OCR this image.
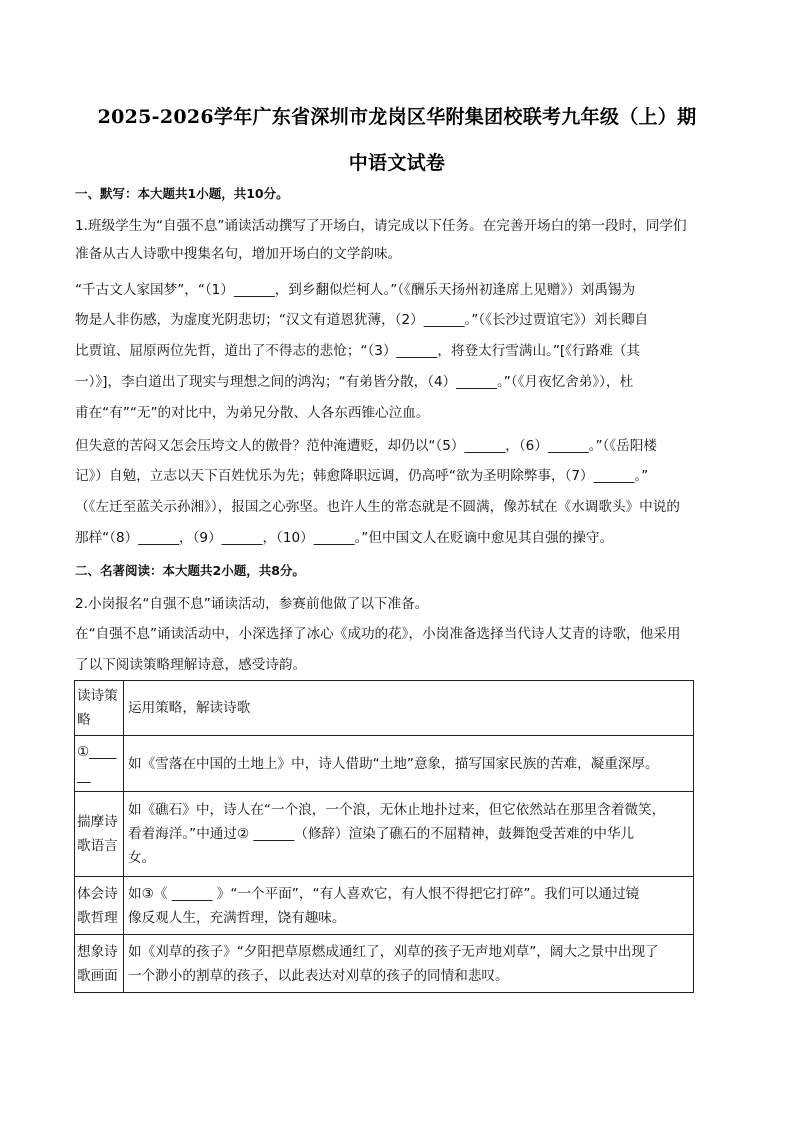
2025-2026学年广东省深圳市龙岗区华附集团校联考九年级（上）期
中语文试卷
一、默写：本大题共1小题，共10分。
1.班级学生为“自强不息”诵读活动撰写了开场白，请完成以下任务。在完善开场白的第一段时，同学们
准备从古人诗歌中搜集名句，增加开场白的文学韵味。
“千古文人家国梦”，“（1）______，到乡翻似烂柯人。”（《酬乐天扬州初逢席上见赠》）刘禹锡为
物是人非伤感，为虚度光阴悲切；“汉文有道恩犹薄，（2）______。”（《长沙过贾谊宅》）刘长卿自
比贾谊、屈原两位先哲，道出了不得志的悲怆；“（3）______，将登太行雪满山。”[《行路难（其
一）》]，李白道出了现实与理想之间的鸿沟；“有弟皆分散，（4）______。”（《月夜忆舍弟》），杜
甫在“有”“无”的对比中，为弟兄分散、人各东西锥心泣血。
但失意的苦闷又怎会压垮文人的傲骨？范仲淹遭贬，却仍以“（5）______，（6）______。”（《岳阳楼
记》）自勉，立志以天下百姓忧乐为先；韩愈降职远调，仍高呼“欲为圣明除弊事，（7）______。”
（《左迁至蓝关示孙湘》），报国之心弥坚。也许人生的常态就是不圆满，像苏轼在《水调歌头》中说的
那样“（8）______，（9）______，（10）______。”但中国文人在贬谪中愈见其自强的操守。
二、名著阅读：本大题共2小题，共8分。
2.小岗报名“自强不息”诵读活动，参赛前他做了以下准备。
在“自强不息”诵读活动中，小深选择了冰心《成功的花》，小岗准备选择当代诗人艾青的诗歌，他采用
了以下阅读策略理解诗意，感受诗韵。
读诗策略	运用策略，解读诗歌

①______	如《雪落在中国的土地上》中，诗人借助“土地”意象，描写国家民族的苦难，凝重深厚。

揣摩诗歌语言	如《礁石》中，诗人在“一个浪，一个浪，无休止地扑过来，但它依然站在那里含着微笑，
看着海洋。”中通过② ______（修辞）渲染了礁石的不屈精神，鼓舞饱受苦难的中华儿
女。

体会诗歌哲理	如③《 ______ 》“一个平面”，“有人喜欢它，有人恨不得把它打碎”。我们可以通过镜
像反观人生，充满哲理，饶有趣味。

想象诗歌画面	如《刈草的孩子》“夕阳把草原燃成通红了，刈草的孩子无声地刈草”，阔大之景中出现了
一个渺小的割草的孩子，以此表达对刈草的孩子的同情和悲叹。
